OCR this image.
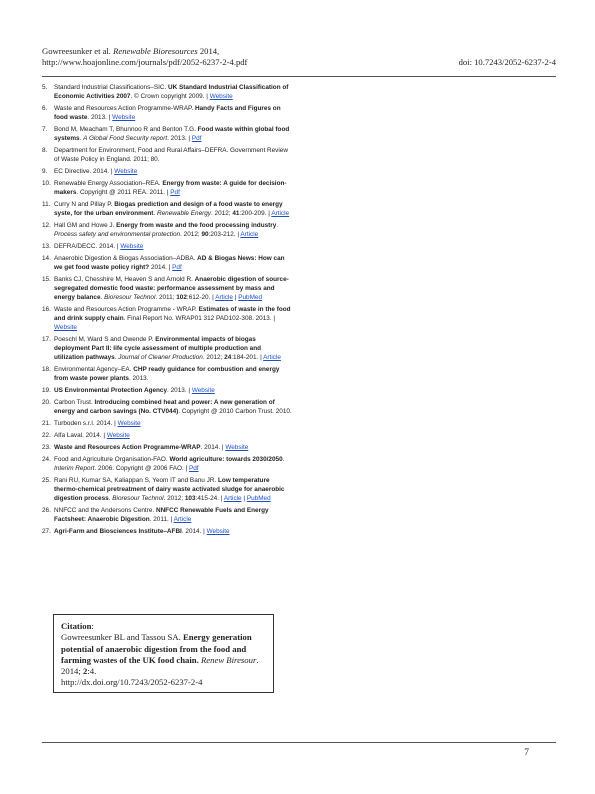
Gowreesunker et al. Renewable Bioresources 2014,
http://www.hoajonline.com/journals/pdf/2052-6237-2-4.pdf	doi: 10.7243/2052-6237-2-4
5.	Standard Industrial Classifications–SIC. UK Standard Industrial Classification of Economic Activities 2007. © Crown copyright 2009. | Website
6.	Waste and Resources Action Programme-WRAP. Handy Facts and Figures on food waste. 2013. | Website
7.	Bond M, Meacham T, Bhunnoo R and Benton T.G. Food waste within global food systems. A Global Food Security report. 2013. | Pdf
8.	Department for Environment, Food and Rural Affairs–DEFRA. Government Review of Waste Policy in England. 2011; 80.
9.	EC Directive. 2014. | Website
10. Renewable Energy Association–REA. Energy from waste: A guide for decision-makers. Copyright @ 2011 REA. 2011. | Pdf
11. Curry N and Pillay P. Biogas prediction and design of a food waste to energy syste, for the urban environment. Renewable Energy. 2012; 41:200-209. | Article
12. Hall GM and Howe J. Energy from waste and the food processing industry. Process safety and environmental protection. 2012; 90:203-212. | Article
13. DEFRA/DECC. 2014. | Website
14. Anaerobic Digestion & Biogas Association–ADBA. AD & Biogas News: How can we get food waste policy right? 2014. | Pdf
15. Banks CJ, Chesshire M, Heaven S and Arnold R. Anaerobic digestion of source-segregated domestic food waste: performance assessment by mass and energy balance. Bioresour Technol. 2011; 102:612-20. | Article | PubMed
16. Waste and Resources Action Programme - WRAP. Estimates of waste in the food and drink supply chain. Final Report No. WRAP01 312 PAD102-308. 2013. | Website
17. Poeschl M, Ward S and Owende P. Environmental impacts of biogas deployment Part II: life cycle assessment of multiple production and utilization pathways. Journal of Cleaner Production. 2012; 24:184-201. | Article
18. Environmental Agency–EA. CHP ready guidance for combustion and energy from waste power plants. 2013.
19. US Environmental Protection Agency. 2013. | Website
20. Carbon Trust. Introducing combined heat and power: A new generation of energy and carbon savings (No. CTV044). Copyright @ 2010 Carbon Trust. 2010.
21. Turboden s.r.l. 2014. | Website
22. Alfa Laval. 2014. | Website
23. Waste and Resources Action Programme-WRAP. 2014. | Website
24. Food and Agriculture Organisation-FAO. World agriculture: towards 2030/2050. Interim Report. 2006. Copyright @ 2006 FAO. | Pdf
25. Rani RU, Kumar SA, Kaliappan S, Yeom IT and Banu JR. Low temperature thermo-chemical pretreatment of dairy waste activated sludge for anaerobic digestion process. Bioresour Technol. 2012; 103:415-24. | Article | PubMed
26. NNFCC and the Andersons Centre. NNFCC Renewable Fuels and Energy Factsheet: Anaerobic Digestion. 2011. | Article
27. Agri-Farm and Biosciences Institute–AFBI. 2014. | Website
Citation:
Gowreesunker BL and Tassou SA. Energy generation potential of anaerobic digestion from the food and farming wastes of the UK food chain. Renew Biresour. 2014; 2:4.
http://dx.doi.org/10.7243/2052-6237-2-4
7
